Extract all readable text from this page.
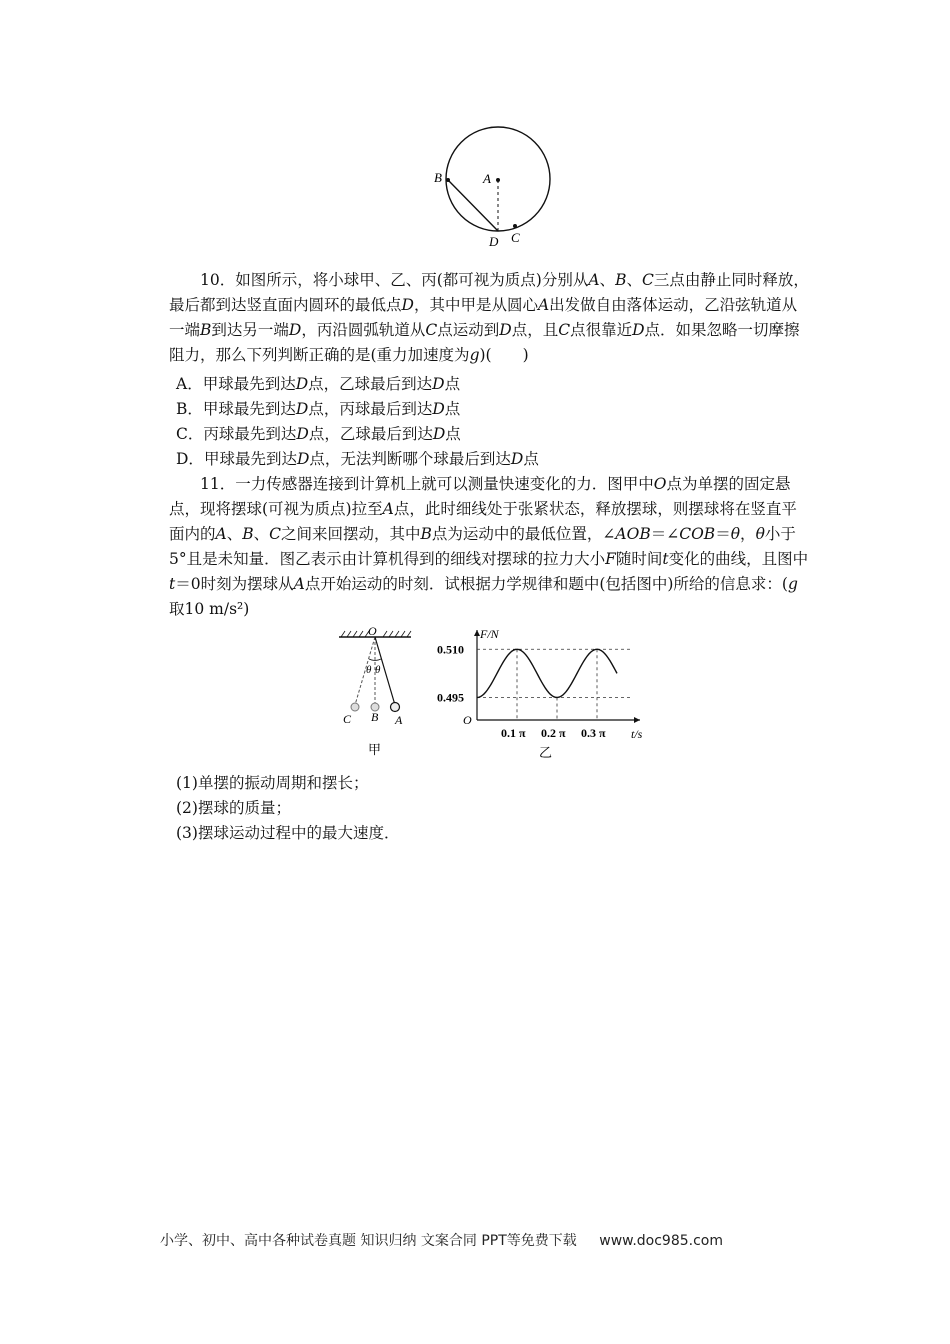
B	A
D C

10．如图所示，将小球甲、乙、丙(都可视为质点)分别从A、B、C三点由静止同时释放，最后都到达竖直面内圆环的最低点D，其中甲是从圆心A出发做自由落体运动，乙沿弦轨道从一端B到达另一端D，丙沿圆弧轨道从C点运动到D点，且C点很靠近D点．如果忽略一切摩擦阻力，那么下列判断正确的是(重力加速度为g)(　　)

A．甲球最先到达D点，乙球最后到达D点
B．甲球最先到达D点，丙球最后到达D点
C．丙球最先到达D点，乙球最后到达D点
D．甲球最先到达D点，无法判断哪个球最后到达D点

11．一力传感器连接到计算机上就可以测量快速变化的力．图甲中O点为单摆的固定悬点，现将摆球(可视为质点)拉至A点，此时细线处于张紧状态，释放摆球，则摆球将在竖直平面内的A、B、C之间来回摆动，其中B点为运动中的最低位置，∠AOB＝∠COB＝θ，θ小于5°且是未知量．图乙表示由计算机得到的细线对摆球的拉力大小F随时间t变化的曲线，且图中t＝0时刻为摆球从A点开始运动的时刻．试根据力学规律和题中(包括图中)所给的信息求：(g取10 m/s²)

O
θ θ
C B A
甲
0.510
0.495
0.1 π 0.2 π 0.3 π
O
F/N
t/s
乙
(1)单摆的振动周期和摆长；
(2)摆球的质量；
(3)摆球运动过程中的最大速度．
小学、初中、高中各种试卷真题 知识归纳 文案合同 PPT等免费下载 www.doc985.com
